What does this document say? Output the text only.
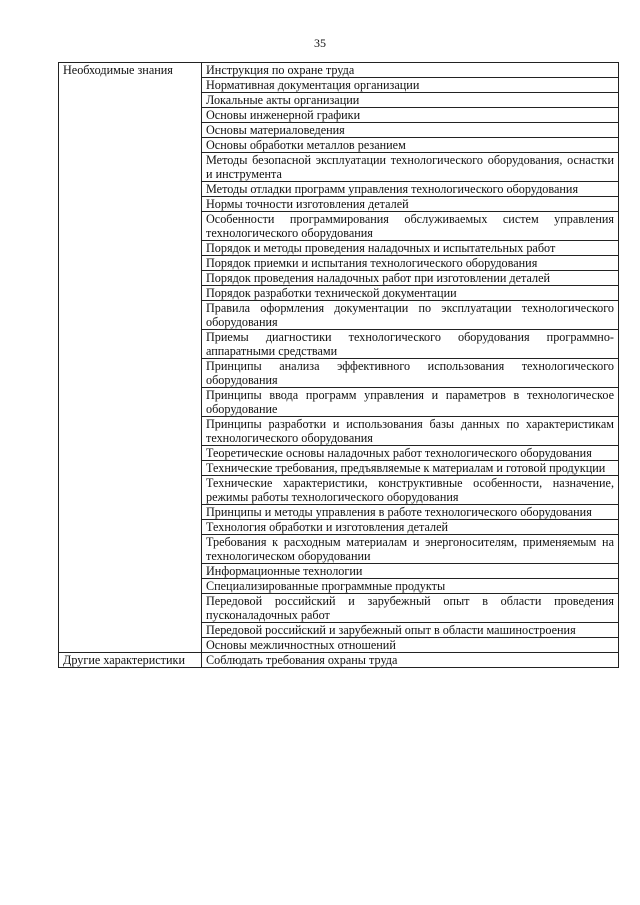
35
Необходимые знания	Инструкция по охране труда
	Нормативная документация организации
	Локальные акты организации
	Основы инженерной графики
	Основы материаловедения
	Основы обработки металлов резанием
	Методы безопасной эксплуатации технологического оборудования, оснастки и инструмента
	Методы отладки программ управления технологического оборудования
	Нормы точности изготовления деталей
	Особенности программирования обслуживаемых систем управления технологического оборудования
	Порядок и методы проведения наладочных и испытательных работ
	Порядок приемки и испытания технологического оборудования
	Порядок проведения наладочных работ при изготовлении деталей
	Порядок разработки технической документации
	Правила оформления документации по эксплуатации технологического оборудования
	Приемы диагностики технологического оборудования программно-аппаратными средствами
	Принципы анализа эффективного использования технологического оборудования
	Принципы ввода программ управления и параметров в технологическое оборудование
	Принципы разработки и использования базы данных по характеристикам технологического оборудования
	Теоретические основы наладочных работ технологического оборудования
	Технические требования, предъявляемые к материалам и готовой продукции
	Технические характеристики, конструктивные особенности, назначение, режимы работы технологического оборудования
	Принципы и методы управления в работе технологического оборудования
	Технология обработки и изготовления деталей
	Требования к расходным материалам и энергоносителям, применяемым на технологическом оборудовании
	Информационные технологии
	Специализированные программные продукты
	Передовой российский и зарубежный опыт в области проведения пусконаладочных работ
	Передовой российский и зарубежный опыт в области машиностроения
	Основы межличностных отношений
Другие характеристики	Соблюдать требования охраны труда
